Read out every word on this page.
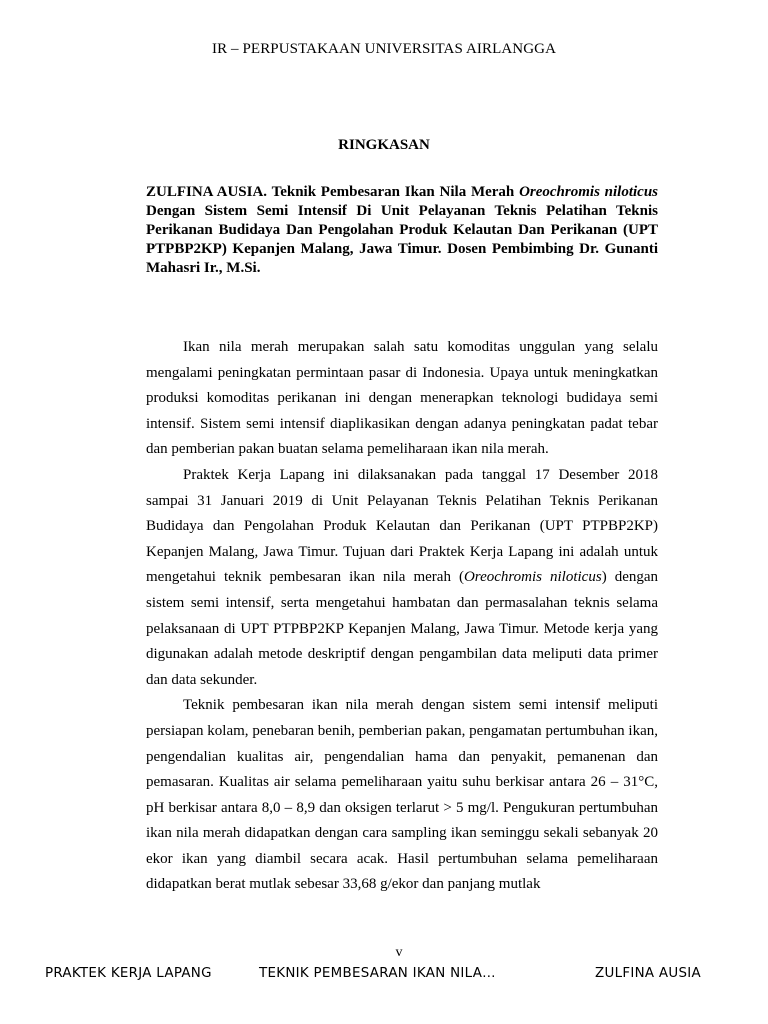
IR – PERPUSTAKAAN UNIVERSITAS AIRLANGGA
RINGKASAN
ZULFINA AUSIA. Teknik Pembesaran Ikan Nila Merah Oreochromis niloticus Dengan Sistem Semi Intensif Di Unit Pelayanan Teknis Pelatihan Teknis Perikanan Budidaya Dan Pengolahan Produk Kelautan Dan Perikanan (UPT PTPBP2KP) Kepanjen Malang, Jawa Timur. Dosen Pembimbing Dr. Gunanti Mahasri Ir., M.Si.

Ikan nila merah merupakan salah satu komoditas unggulan yang selalu mengalami peningkatan permintaan pasar di Indonesia. Upaya untuk meningkatkan produksi komoditas perikanan ini dengan menerapkan teknologi budidaya semi intensif. Sistem semi intensif diaplikasikan dengan adanya peningkatan padat tebar dan pemberian pakan buatan selama pemeliharaan ikan nila merah.

Praktek Kerja Lapang ini dilaksanakan pada tanggal 17 Desember 2018 sampai 31 Januari 2019 di Unit Pelayanan Teknis Pelatihan Teknis Perikanan Budidaya dan Pengolahan Produk Kelautan dan Perikanan (UPT PTPBP2KP) Kepanjen Malang, Jawa Timur. Tujuan dari Praktek Kerja Lapang ini adalah untuk mengetahui teknik pembesaran ikan nila merah (Oreochromis niloticus) dengan sistem semi intensif, serta mengetahui hambatan dan permasalahan teknis selama pelaksanaan di UPT PTPBP2KP Kepanjen Malang, Jawa Timur. Metode kerja yang digunakan adalah metode deskriptif dengan pengambilan data meliputi data primer dan data sekunder.

Teknik pembesaran ikan nila merah dengan sistem semi intensif meliputi persiapan kolam, penebaran benih, pemberian pakan, pengamatan pertumbuhan ikan, pengendalian kualitas air, pengendalian hama dan penyakit, pemanenan dan pemasaran. Kualitas air selama pemeliharaan yaitu suhu berkisar antara 26 – 31°C, pH berkisar antara 8,0 – 8,9 dan oksigen terlarut > 5 mg/l. Pengukuran pertumbuhan ikan nila merah didapatkan dengan cara sampling ikan seminggu sekali sebanyak 20 ekor ikan yang diambil secara acak. Hasil pertumbuhan selama pemeliharaan didapatkan berat mutlak sebesar 33,68 g/ekor dan panjang mutlak

v
PRAKTEK KERJA LAPANG	TEKNIK PEMBESARAN IKAN NILA…	ZULFINA AUSIA
